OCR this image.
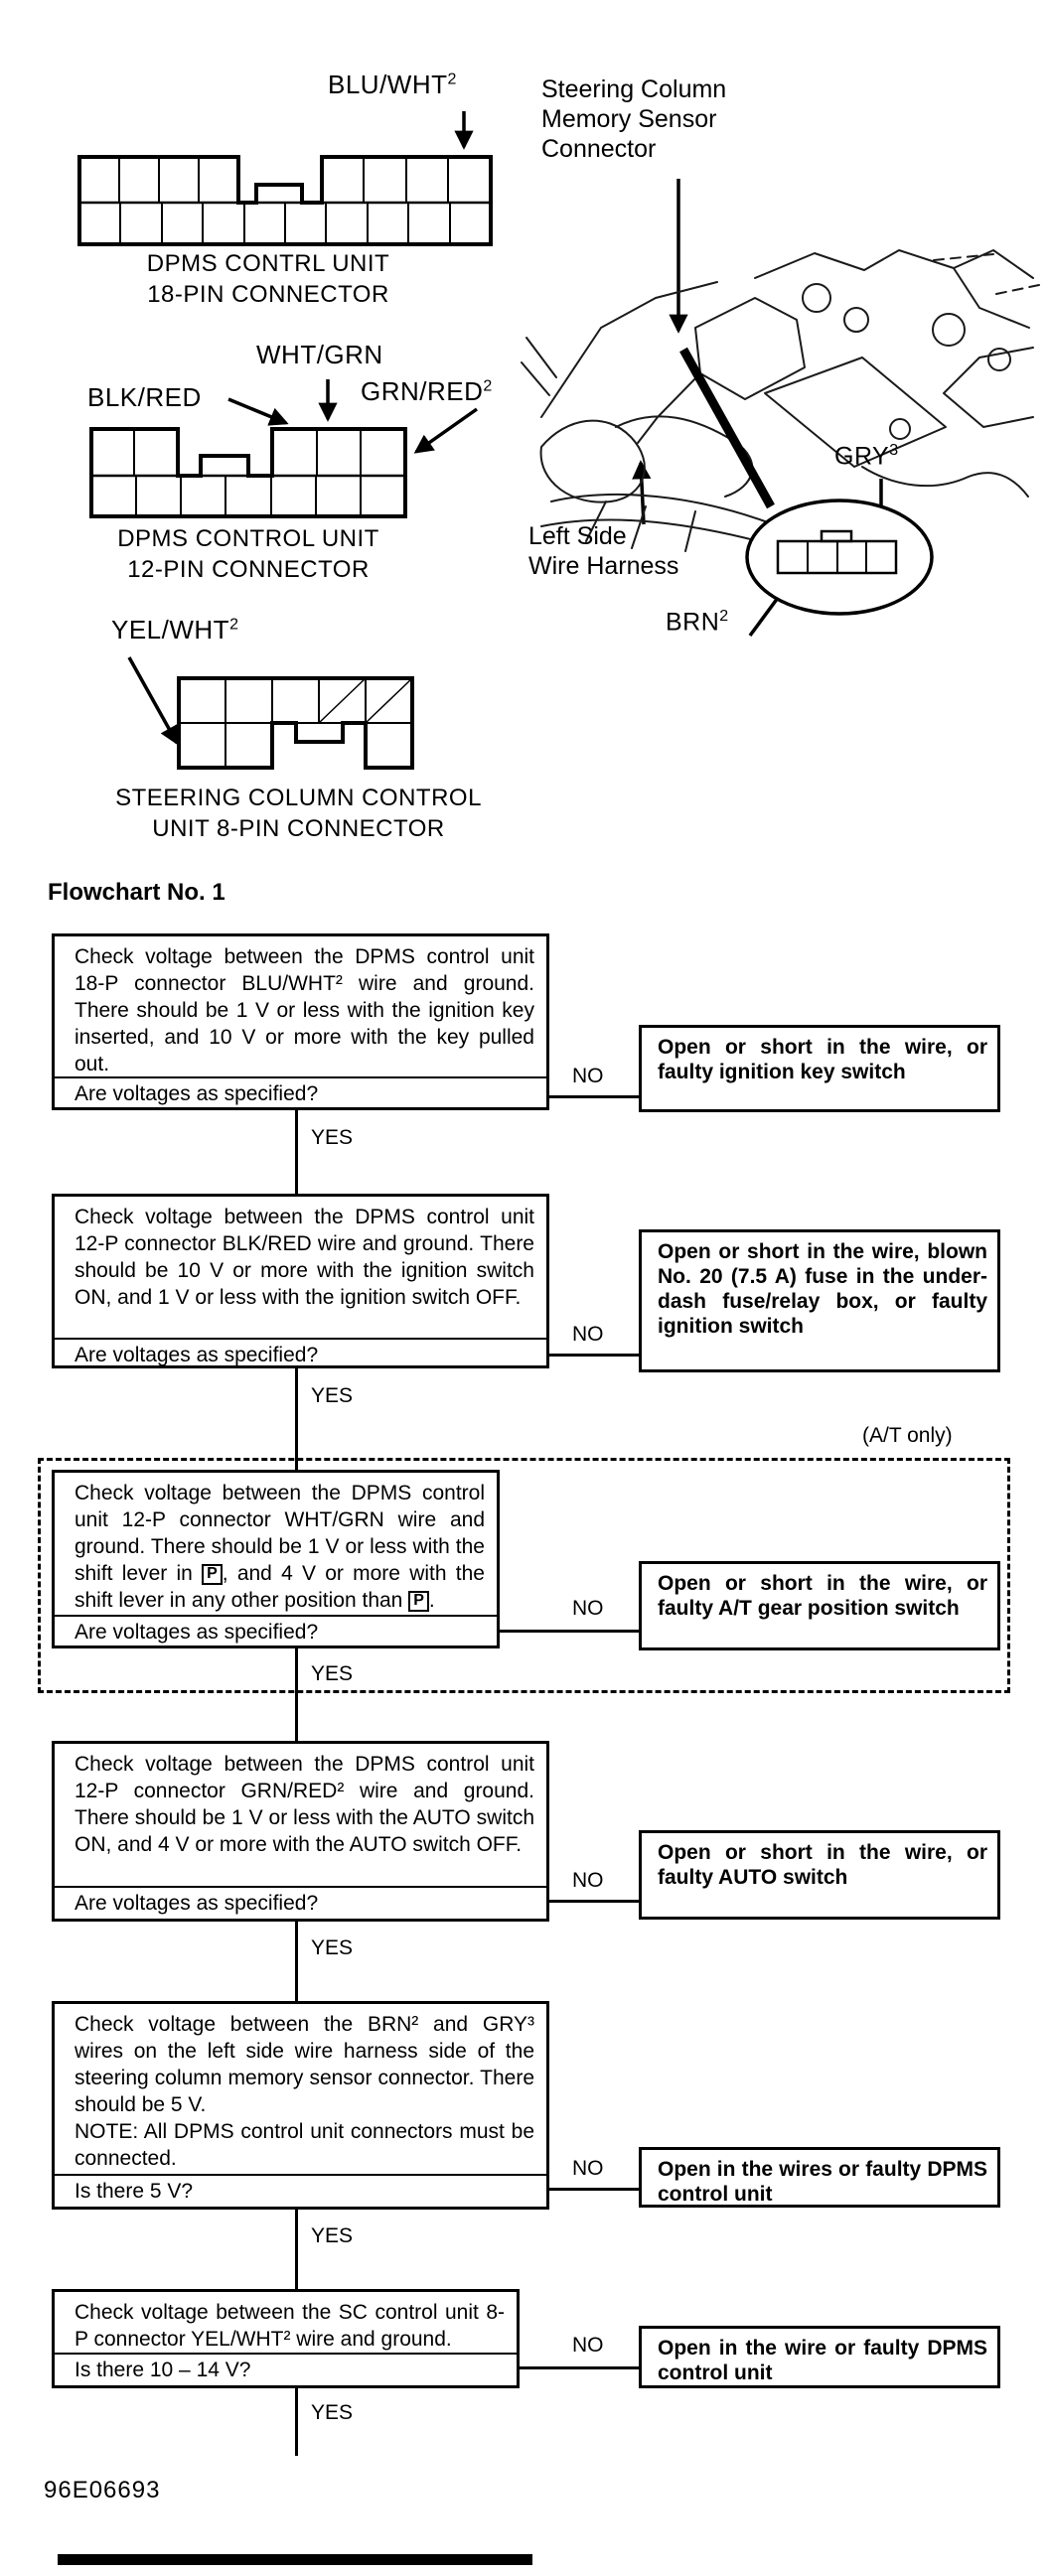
BLU/WHT$^2$
DPMS CONTRL UNIT
18-PIN CONNECTOR
WHT/GRN
BLK/RED	GRN/RED$^2$
DPMS CONTROL UNIT
12-PIN CONNECTOR
YEL/WHT$^2$
STEERING COLUMN CONTROL
UNIT 8-PIN CONNECTOR
Steering Column
Memory Sensor
Connector
Left Side
Wire Harness
GRY$^3$
BRN$^2$
Flowchart No. 1
Check voltage between the DPMS control unit 18-P connector BLU/WHT² wire and ground. There should be 1 V or less with the ignition key inserted, and 10 V or more with the key pulled out.
Are voltages as specified?
NO
Open or short in the wire, or faulty ignition key switch
YES
Check voltage between the DPMS control unit 12-P connector BLK/RED wire and ground. There should be 10 V or more with the ignition switch ON, and 1 V or less with the ignition switch OFF.
Are voltages as specified?
NO
Open or short in the wire, blown No. 20 (7.5 A) fuse in the under-dash fuse/relay box, or faulty ignition switch
YES
(A/T only)
Check voltage between the DPMS control unit 12-P connector WHT/GRN wire and ground. There should be 1 V or less with the shift lever in P , and 4 V or more with the shift lever in any other position than P .
Are voltages as specified?
NO
Open or short in the wire, or faulty A/T gear position switch
YES
Check voltage between the DPMS control unit 12-P connector GRN/RED² wire and ground. There should be 1 V or less with the AUTO switch ON, and 4 V or more with the AUTO switch OFF.
Are voltages as specified?
NO
Open or short in the wire, or faulty AUTO switch
YES
Check voltage between the BRN² and GRY³ wires on the left side wire harness side of the steering column memory sensor connector. There should be 5 V.
NOTE: All DPMS control unit connectors must be connected.
Is there 5 V?
NO	Open in the wires or faulty DPMS control unit
YES
Check voltage between the SC control unit 8-P connector YEL/WHT² wire and ground.
Is there 10 – 14 V?
NO	Open in the wire or faulty DPMS control unit
YES
96E06693
